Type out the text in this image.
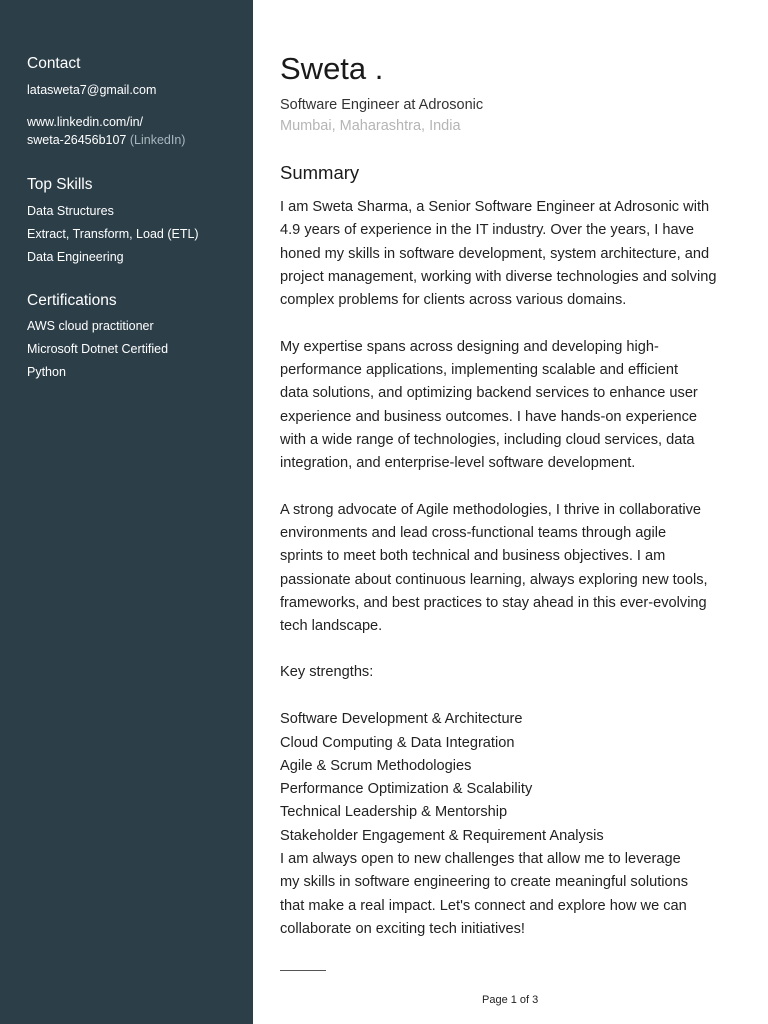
Contact
latasweta7@gmail.com
www.linkedin.com/in/
sweta-26456b107 (LinkedIn)
Top Skills
Data Structures
Extract, Transform, Load (ETL)
Data Engineering
Certifications
AWS cloud practitioner
Microsoft Dotnet Certified
Python
Sweta .
Software Engineer at Adrosonic
Mumbai, Maharashtra, India
Summary
I am Sweta Sharma, a Senior Software Engineer at Adrosonic with
4.9 years of experience in the IT industry. Over the years, I have
honed my skills in software development, system architecture, and
project management, working with diverse technologies and solving
complex problems for clients across various domains.
My expertise spans across designing and developing high-
performance applications, implementing scalable and efficient
data solutions, and optimizing backend services to enhance user
experience and business outcomes. I have hands-on experience
with a wide range of technologies, including cloud services, data
integration, and enterprise-level software development.
A strong advocate of Agile methodologies, I thrive in collaborative
environments and lead cross-functional teams through agile
sprints to meet both technical and business objectives. I am
passionate about continuous learning, always exploring new tools,
frameworks, and best practices to stay ahead in this ever-evolving
tech landscape.
Key strengths:
Software Development & Architecture
Cloud Computing & Data Integration
Agile & Scrum Methodologies
Performance Optimization & Scalability
Technical Leadership & Mentorship
Stakeholder Engagement & Requirement Analysis
I am always open to new challenges that allow me to leverage
my skills in software engineering to create meaningful solutions
that make a real impact. Let's connect and explore how we can
collaborate on exciting tech initiatives!
Page 1 of 3
